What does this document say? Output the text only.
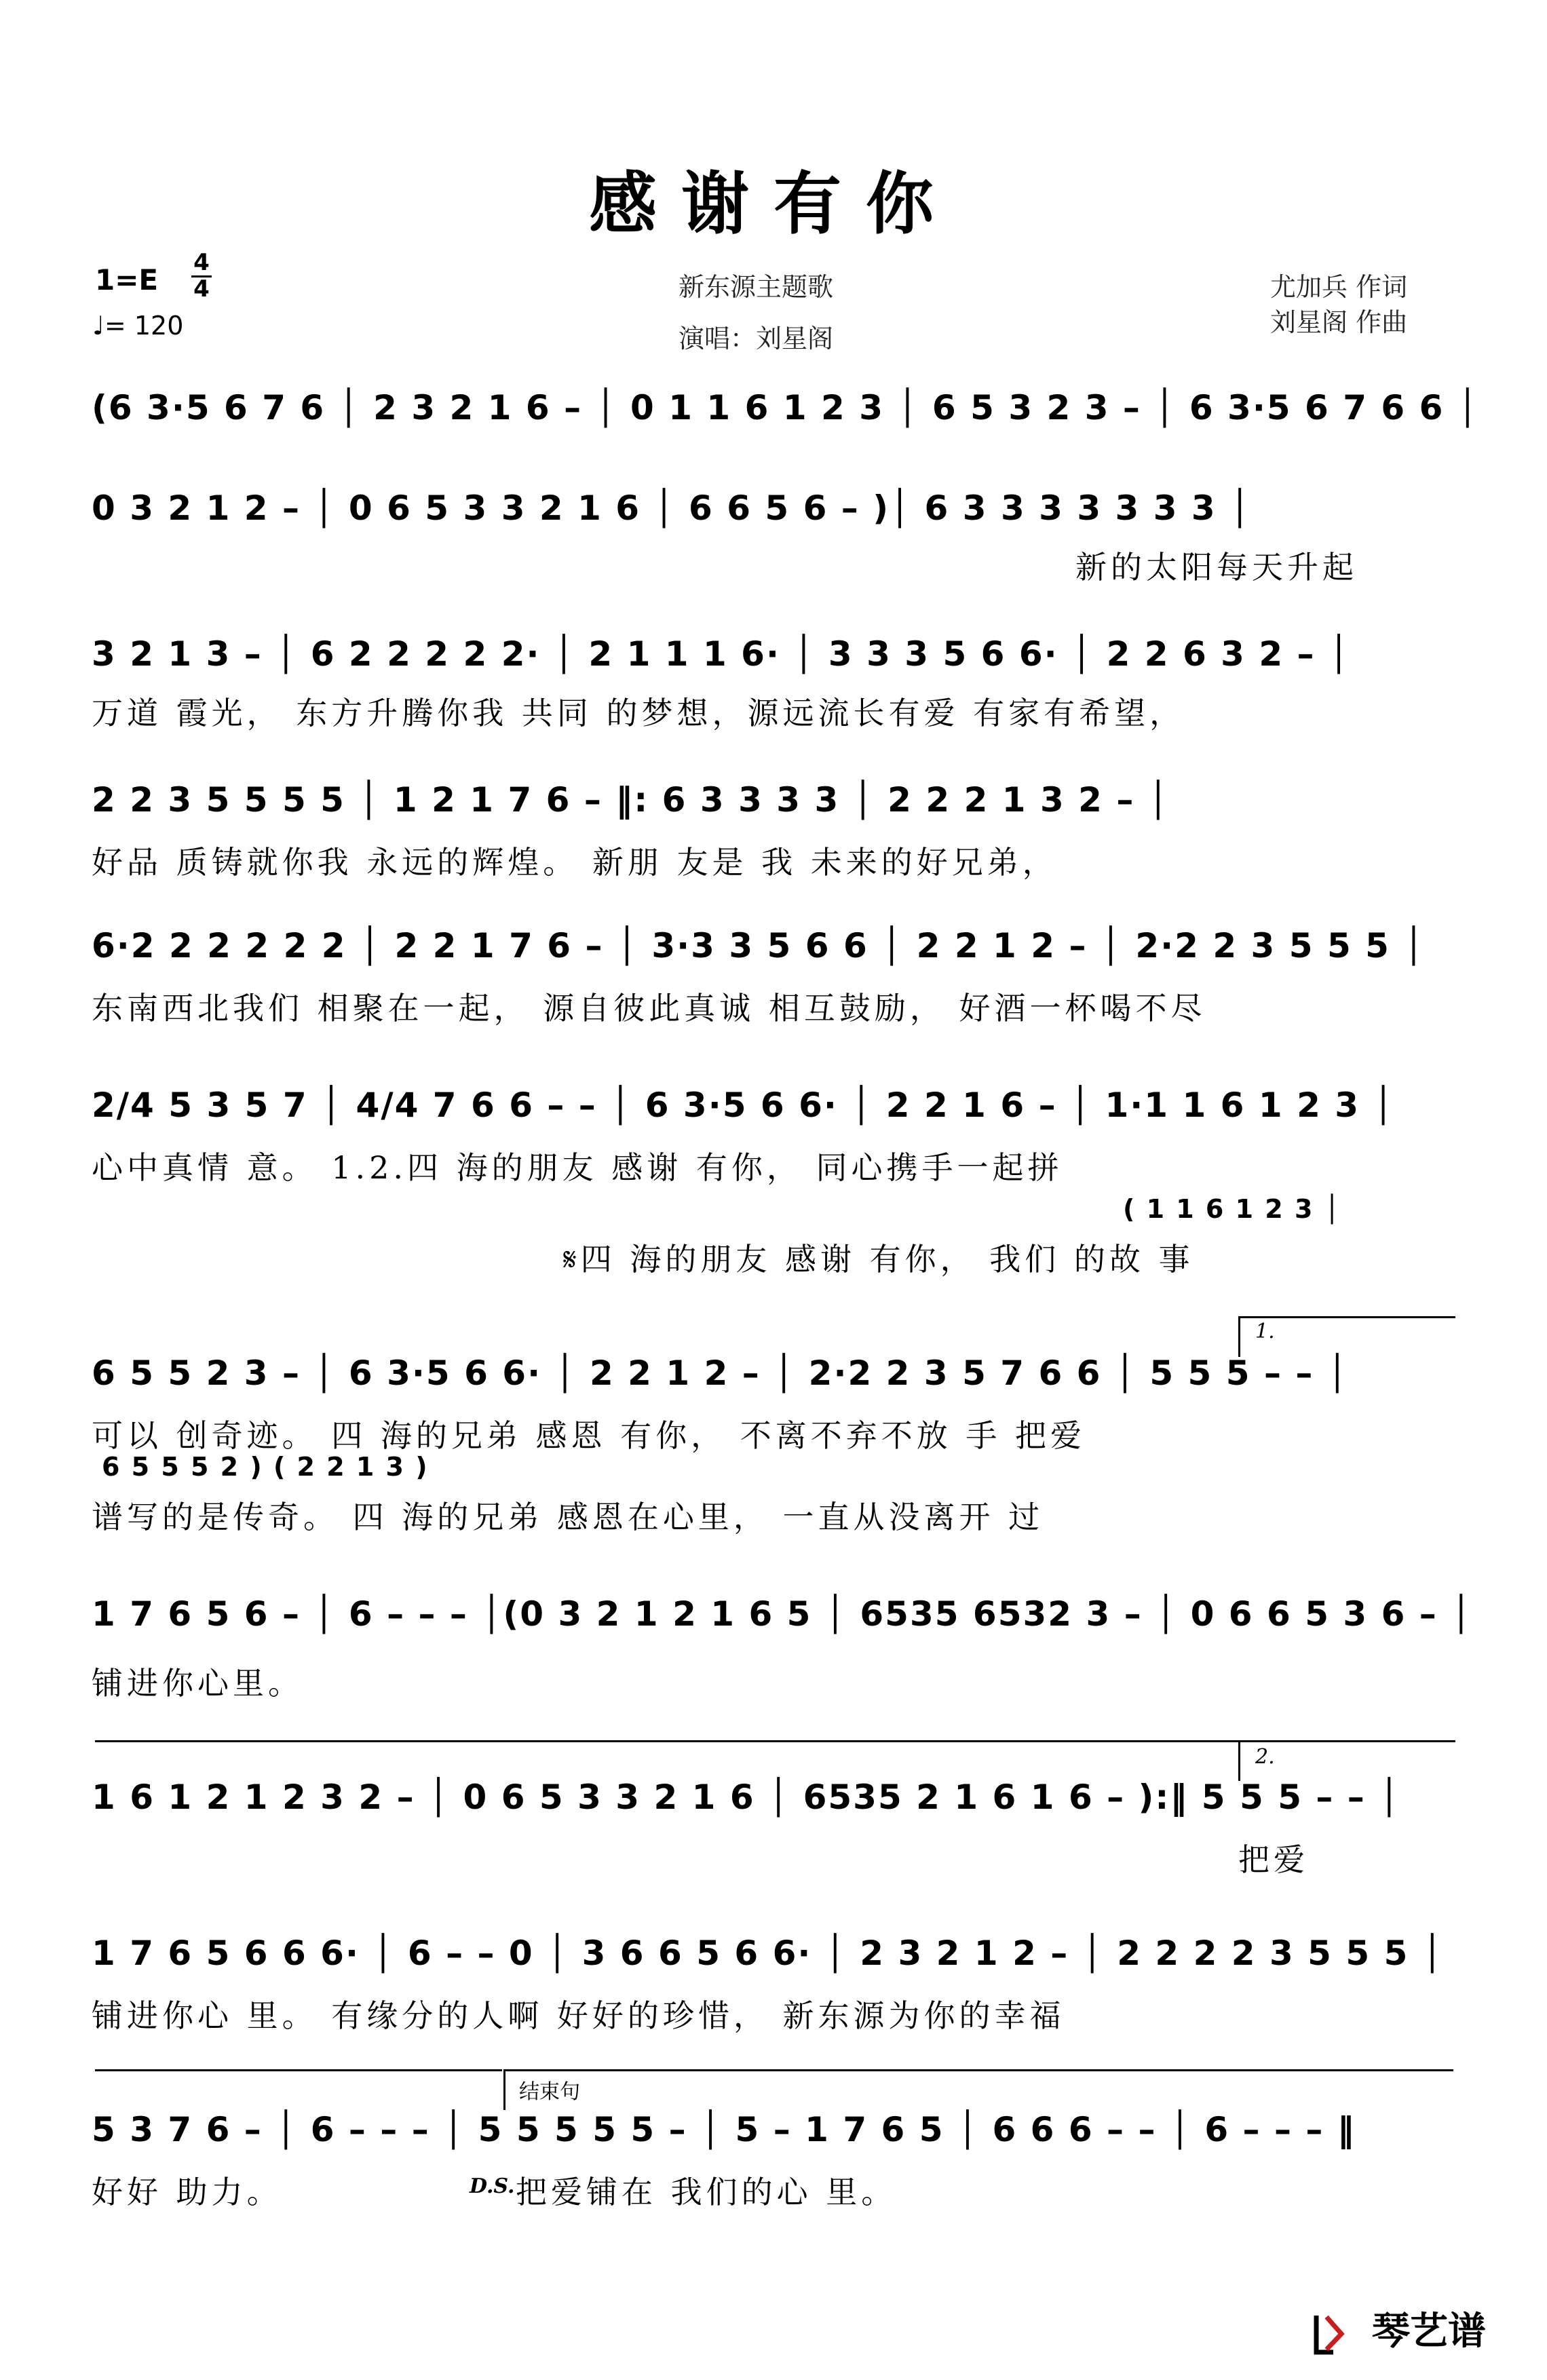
感谢有你
1=E
4
4
♩= 120
新东源主题歌
演唱：刘星阁
尤加兵 作词
刘星阁 作曲
(6 3·5 6 7 6 │ 2 3 2 1 6 – │ 0 1 1 6 1 2 3 │ 6 5 3 2 3 – │ 6 3·5 6 7 6 6 │
0 3 2 1 2 – │ 0 6 5 3 3 2 1 6 │ 6 6 5 6 – )│ 6 3 3 3 3 3 3 3 │
新的太阳每天升起
3 2 1 3 – │ 6 2 2 2 2 2· │ 2 1 1 1 6· │ 3 3 3 5 6 6· │ 2 2 6 3 2 – │
万道 霞光， 东方升腾你我 共同 的梦想，源远流长有爱 有家有希望，
2 2 3 5 5 5 5 │ 1 2 1 7 6 – ‖: 6 3 3 3 3 │ 2 2 2 1 3 2 – │
好品 质铸就你我 永远的辉煌。 新朋 友是 我 未来的好兄弟，
6·2 2 2 2 2 2 │ 2 2 1 7 6 – │ 3·3 3 5 6 6 │ 2 2 1 2 – │ 2·2 2 3 5 5 5 │
东南西北我们 相聚在一起， 源自彼此真诚 相互鼓励， 好酒一杯喝不尽
2/4 5 3 5 7 │ 4/4 7 6 6 – – │ 6 3·5 6 6· │ 2 2 1 6 – │ 1·1 1 6 1 2 3 │
心中真情 意。 1.2.四 海的朋友 感谢 有你， 同心携手一起拼
( 1 1 6 1 2 3 │
𝄋四 海的朋友 感谢 有你， 我们 的故 事
1.
6 5 5 2 3 – │ 6 3·5 6 6· │ 2 2 1 2 – │ 2·2 2 3 5 7 6 6 │ 5 5 5 – – │
可以 创奇迹。 四 海的兄弟 感恩 有你， 不离不弃不放 手 把爱
6 5 5 5 2 ) ( 2 2 1 3 )
谱写的是传奇。 四 海的兄弟 感恩在心里， 一直从没离开 过
1 7 6 5 6 – │ 6 – – – │(0 3 2 1 2 1 6 5 │ 6535 6532 3 – │ 0 6 6 5 3 6 – │
铺进你心里。
2.
1 6 1 2 1 2 3 2 – │ 0 6 5 3 3 2 1 6 │ 6535 2 1 6 1 6 – ):‖ 5 5 5 – – │
把爱
1 7 6 5 6 6 6· │ 6 – – 0 │ 3 6 6 5 6 6· │ 2 3 2 1 2 – │ 2 2 2 2 3 5 5 5 │
铺进你心 里。 有缘分的人啊 好好的珍惜， 新东源为你的幸福
结束句
5 3 7 6 – │ 6 – – – │ 5 5 5 5 5 – │ 5 – 1 7 6 5 │ 6 6 6 – – │ 6 – – – ‖
好好 助力。	D.S. 把爱铺在 我们的心 里。
琴艺谱
